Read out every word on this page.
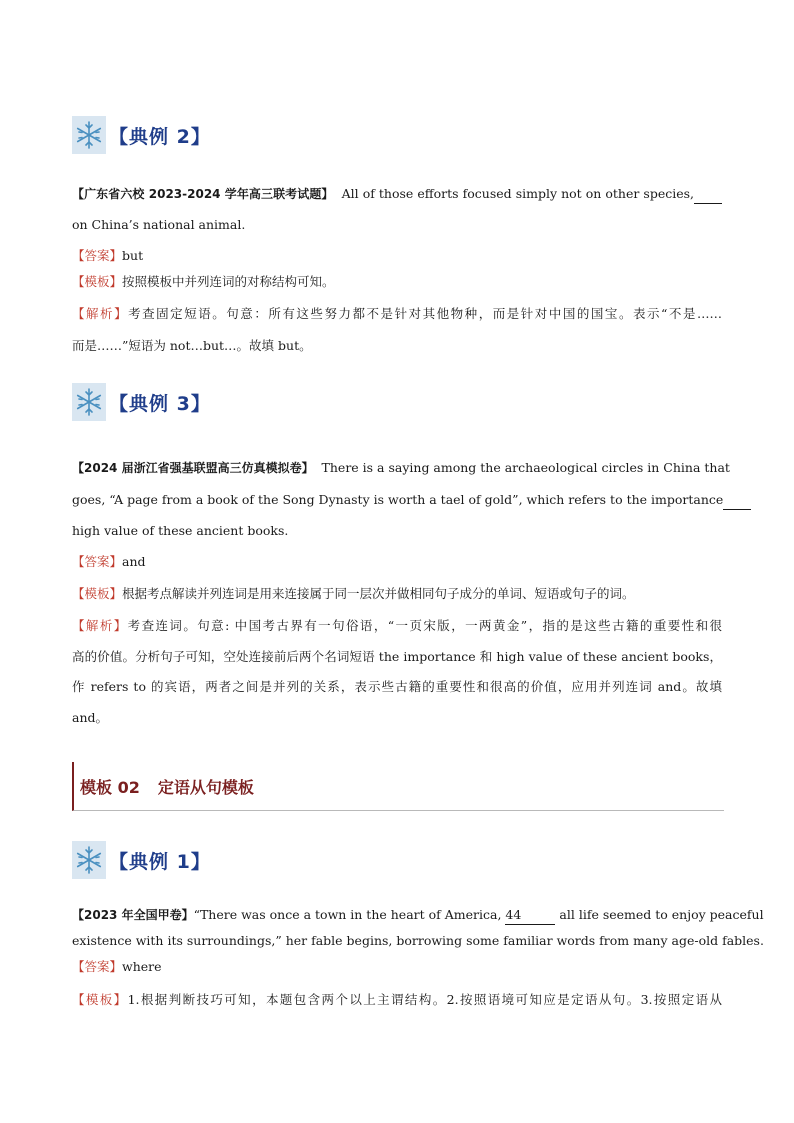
【典例 2】
【广东省六校 2023-2024 学年高三联考试题】 All of those efforts focused simply not on other species,
on China’s national animal.
【答案】but
【模板】按照模板中并列连词的对称结构可知。
【解析】考查固定短语。句意：所有这些努力都不是针对其他物种，而是针对中国的国宝。表示“不是……
而是……”短语为 not…but…。故填 but。
【典例 3】
【2024 届浙江省强基联盟高三仿真模拟卷】 There is a saying among the archaeological circles in China that
goes, “A page from a book of the Song Dynasty is worth a tael of gold”, which refers to the importance
high value of these ancient books.
【答案】and
【模板】根据考点解读并列连词是用来连接属于同一层次并做相同句子成分的单词、短语或句子的词。
【解析】考查连词。句意: 中国考古界有一句俗语，“一页宋版，一两黄金”，指的是这些古籍的重要性和很
高的价值。分析句子可知，空处连接前后两个名词短语 the importance 和 high value of these ancient books，
作 refers to 的宾语，两者之间是并列的关系，表示些古籍的重要性和很高的价值，应用并列连词 and。故填
and。
模板 02 定语从句模板
【典例 1】
【2023 年全国甲卷】“There was once a town in the heart of America, 44	all life seemed to enjoy peaceful
existence with its surroundings,” her fable begins, borrowing some familiar words from many age-old fables.
【答案】where
【模板】1.根据判断技巧可知，本题包含两个以上主谓结构。2.按照语境可知应是定语从句。3.按照定语从
